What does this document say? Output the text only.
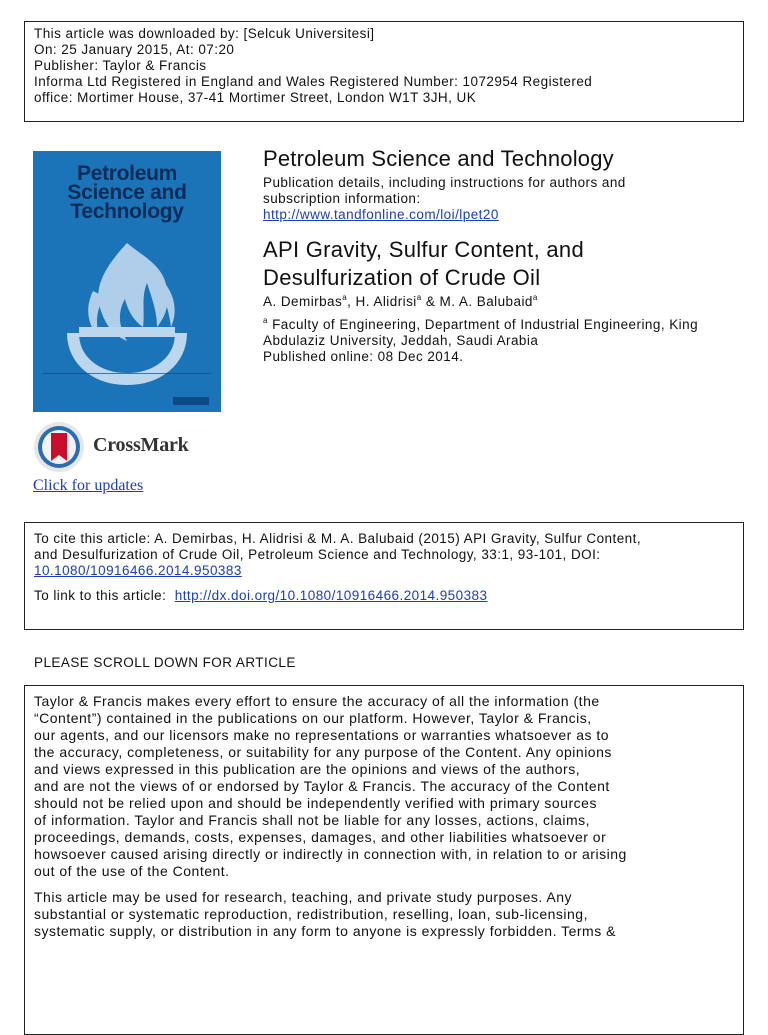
This article was downloaded by: [Selcuk Universitesi]
On: 25 January 2015, At: 07:20
Publisher: Taylor & Francis
Informa Ltd Registered in England and Wales Registered Number: 1072954 Registered
office: Mortimer House, 37-41 Mortimer Street, London W1T 3JH, UK
Petroleum
Science and
Technology
CrossMark
Click for updates
Petroleum Science and Technology
Publication details, including instructions for authors and
subscription information:
http://www.tandfonline.com/loi/lpet20
API Gravity, Sulfur Content, and
Desulfurization of Crude Oil
A. Demirbas$^a$, H. Alidrisi$^a$ & M. A. Balubaid$^a$
$^a$ Faculty of Engineering, Department of Industrial Engineering, King
Abdulaziz University, Jeddah, Saudi Arabia
Published online: 08 Dec 2014.
To cite this article: A. Demirbas, H. Alidrisi & M. A. Balubaid (2015) API Gravity, Sulfur Content,
and Desulfurization of Crude Oil, Petroleum Science and Technology, 33:1, 93-101, DOI:
10.1080/10916466.2014.950383
To link to this article: http://dx.doi.org/10.1080/10916466.2014.950383
PLEASE SCROLL DOWN FOR ARTICLE
Taylor & Francis makes every effort to ensure the accuracy of all the information (the
“Content”) contained in the publications on our platform. However, Taylor & Francis,
our agents, and our licensors make no representations or warranties whatsoever as to
the accuracy, completeness, or suitability for any purpose of the Content. Any opinions
and views expressed in this publication are the opinions and views of the authors,
and are not the views of or endorsed by Taylor & Francis. The accuracy of the Content
should not be relied upon and should be independently verified with primary sources
of information. Taylor and Francis shall not be liable for any losses, actions, claims,
proceedings, demands, costs, expenses, damages, and other liabilities whatsoever or
howsoever caused arising directly or indirectly in connection with, in relation to or arising
out of the use of the Content.
This article may be used for research, teaching, and private study purposes. Any
substantial or systematic reproduction, redistribution, reselling, loan, sub-licensing,
systematic supply, or distribution in any form to anyone is expressly forbidden. Terms &
